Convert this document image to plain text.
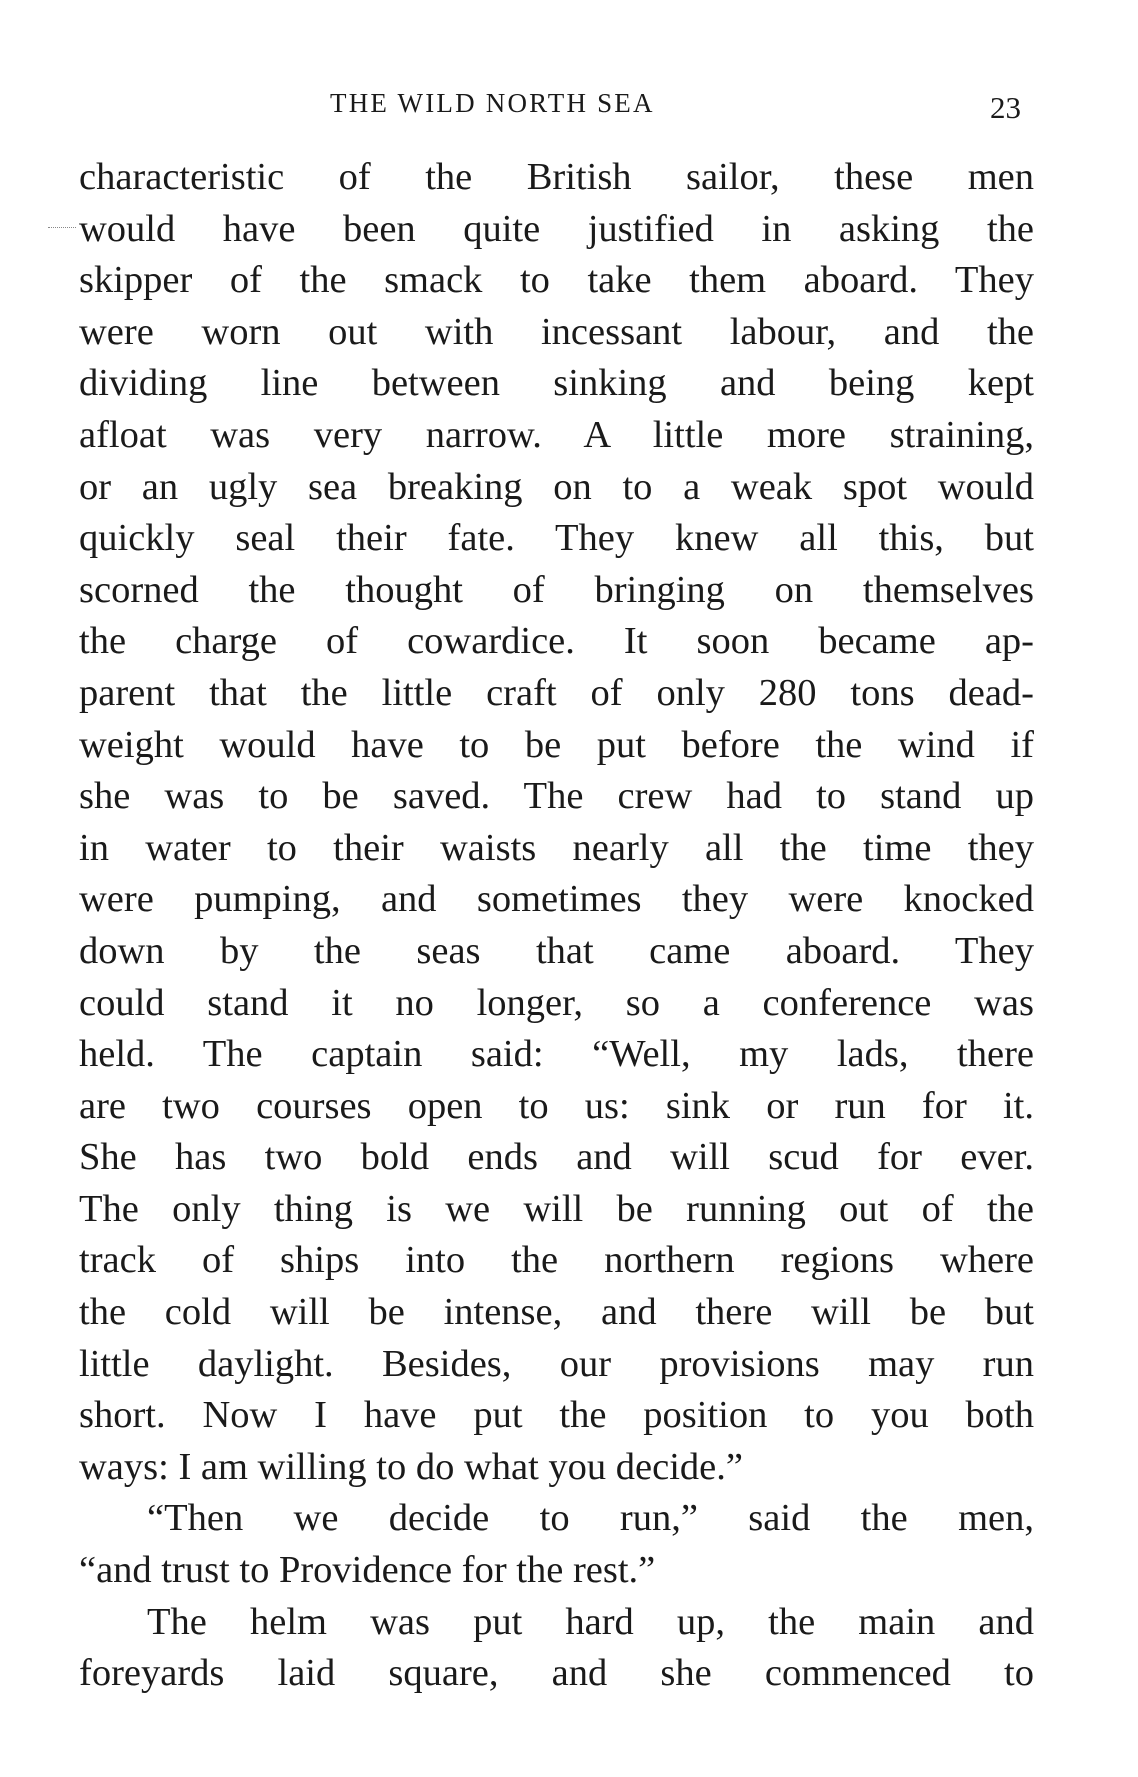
THE WILD NORTH SEA	23
characteristic of the British sailor, these men
would have been quite justified in asking the
skipper of the smack to take them aboard. They
were worn out with incessant labour, and the
dividing line between sinking and being kept
afloat was very narrow. A little more straining,
or an ugly sea breaking on to a weak spot would
quickly seal their fate. They knew all this, but
scorned the thought of bringing on themselves
the charge of cowardice. It soon became ap-
parent that the little craft of only 280 tons dead-
weight would have to be put before the wind if
she was to be saved. The crew had to stand up
in water to their waists nearly all the time they
were pumping, and sometimes they were knocked
down by the seas that came aboard. They
could stand it no longer, so a conference was
held. The captain said: “Well, my lads, there
are two courses open to us: sink or run for it.
She has two bold ends and will scud for ever.
The only thing is we will be running out of the
track of ships into the northern regions where
the cold will be intense, and there will be but
little daylight. Besides, our provisions may run
short. Now I have put the position to you both
ways: I am willing to do what you decide.”
“Then we decide to run,” said the men,
“and trust to Providence for the rest.”
The helm was put hard up, the main and
foreyards laid square, and she commenced to
